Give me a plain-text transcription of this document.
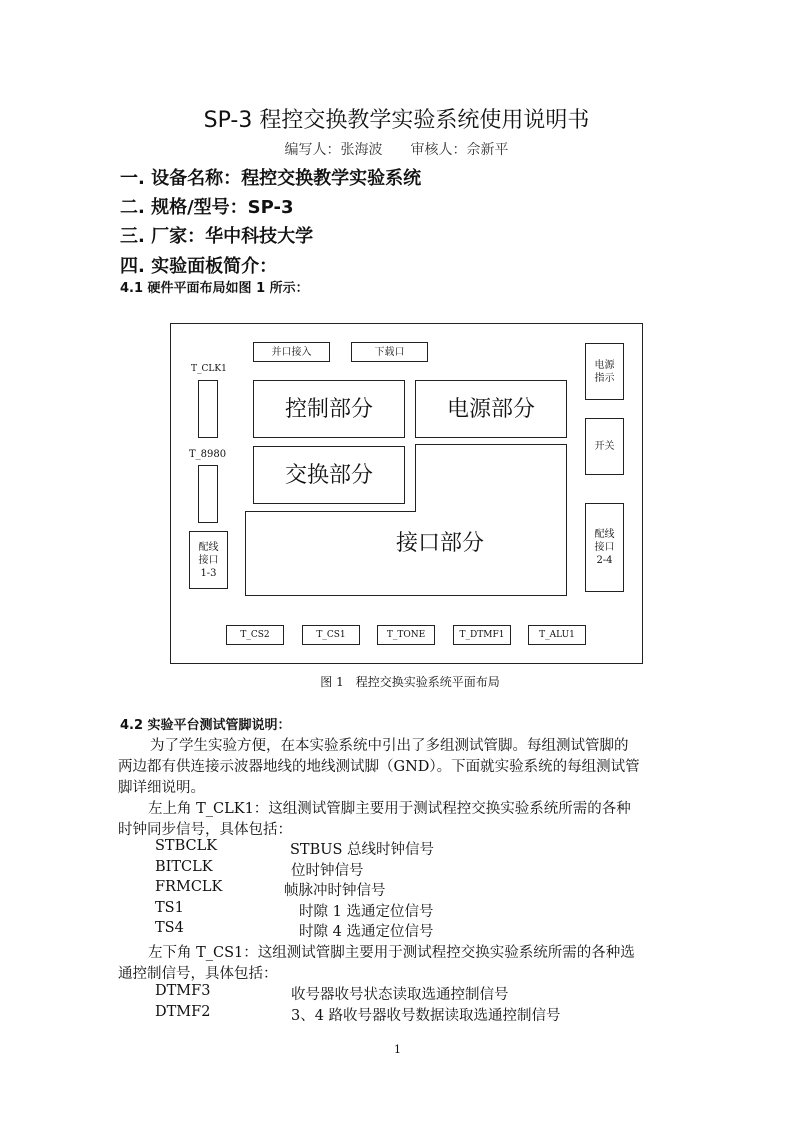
SP-3 程控交换教学实验系统使用说明书
编写人：张海波　　审核人：佘新平
一. 设备名称：程控交换教学实验系统
二. 规格/型号：SP-3
三. 厂家：华中科技大学
四. 实验面板简介：
4.1 硬件平面布局如图 1 所示：
并口接入	下载口
T_CLK1
T_8980
配线
接口
1-3
控制部分	电源部分
交换部分
接口部分
电源
指示
开关
配线
接口
2-4
T_CS2	T_CS1	T_TONE	T_DTMF1	T_ALU1
图 1　程控交换实验系统平面布局
4.2 实验平台测试管脚说明：
为了学生实验方便，在本实验系统中引出了多组测试管脚。每组测试管脚的
两边都有供连接示波器地线的地线测试脚（GND）。下面就实验系统的每组测试管
脚详细说明。
左上角 T_CLK1：这组测试管脚主要用于测试程控交换实验系统所需的各种
时钟同步信号，具体包括：
STBCLK	STBUS 总线时钟信号
BITCLK	位时钟信号
FRMCLK	帧脉冲时钟信号
TS1	时隙 1 选通定位信号
TS4	时隙 4 选通定位信号
左下角 T_CS1：这组测试管脚主要用于测试程控交换实验系统所需的各种选
通控制信号，具体包括：
DTMF3	收号器收号状态读取选通控制信号
DTMF2	3、4 路收号器收号数据读取选通控制信号
1
